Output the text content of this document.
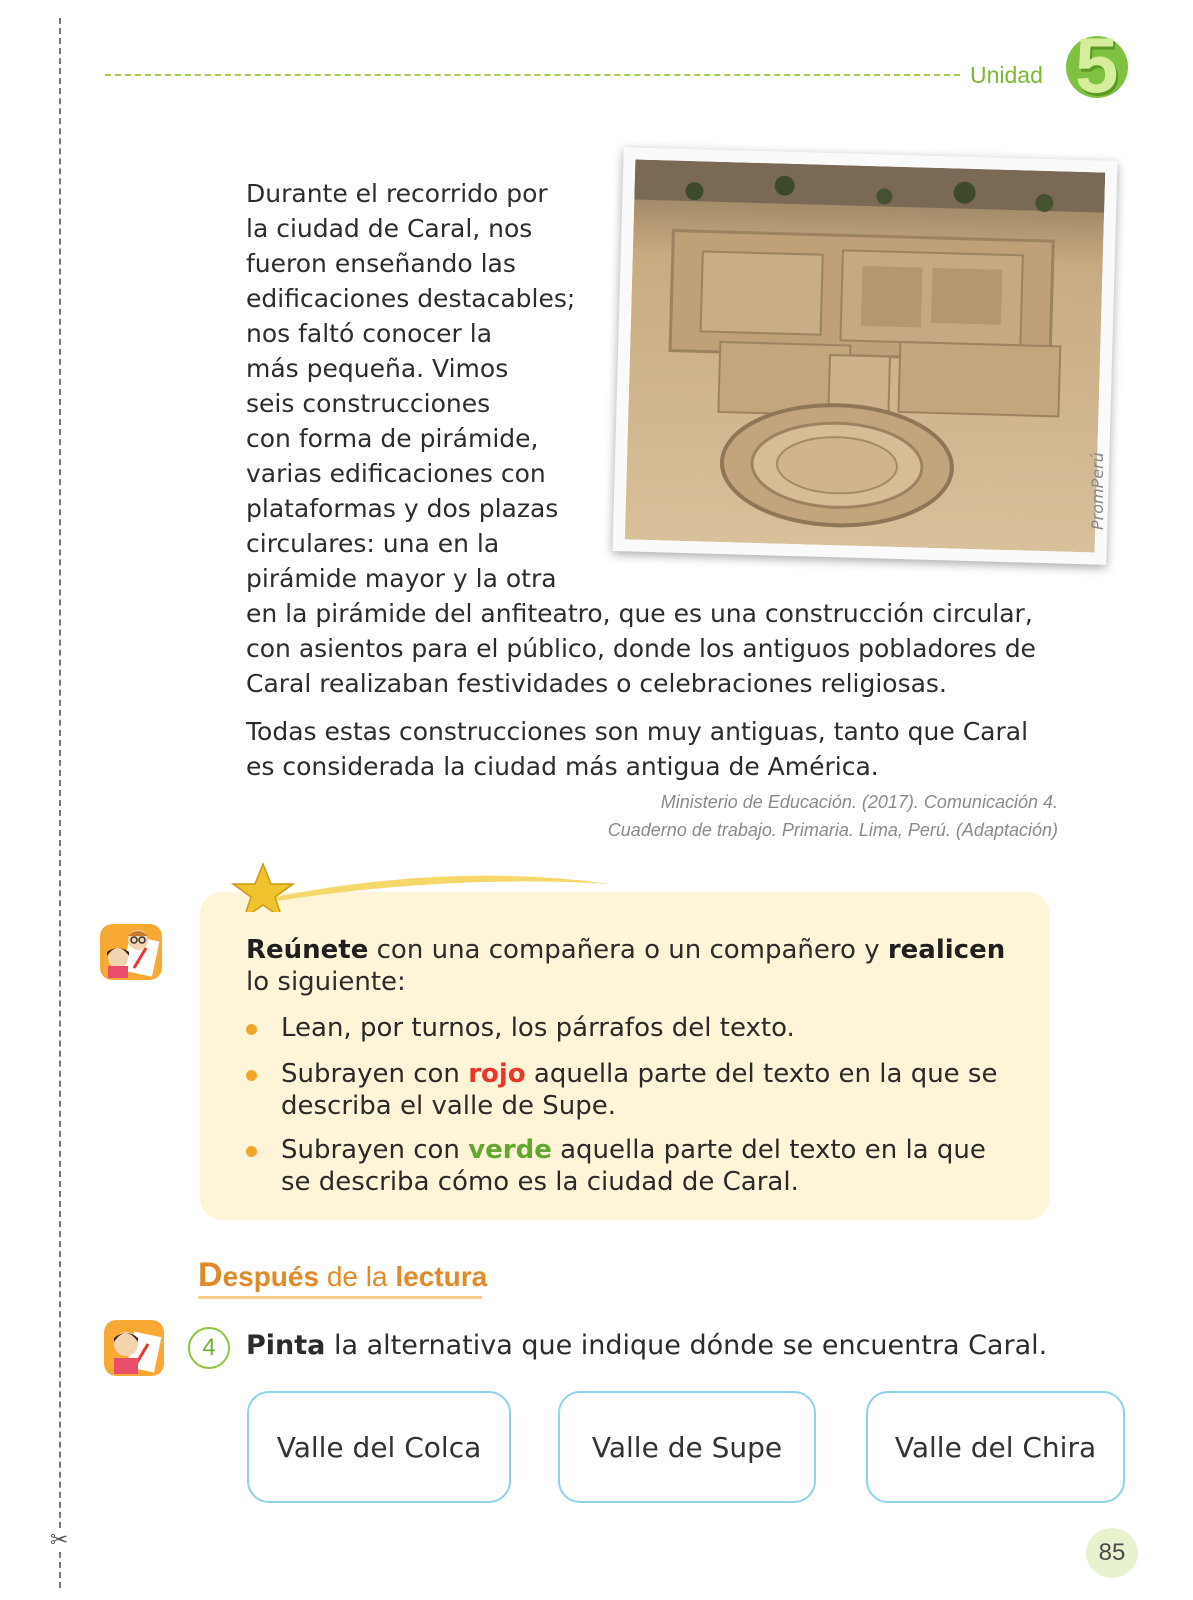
✂
Unidad 5
Durante el recorrido por
la ciudad de Caral, nos
fueron enseñando las
edificaciones destacables;
nos faltó conocer la
más pequeña. Vimos
seis construcciones
con forma de pirámide,
varias edificaciones con
plataformas y dos plazas
circulares: una en la
pirámide mayor y la otra
en la pirámide del anfiteatro, que es una construcción circular,
con asientos para el público, donde los antiguos pobladores de
Caral realizaban festividades o celebraciones religiosas.
PromPerú
Todas estas construcciones son muy antiguas, tanto que Caral
es considerada la ciudad más antigua de América.
Ministerio de Educación. (2017). Comunicación 4.
Cuaderno de trabajo. Primaria. Lima, Perú. (Adaptación)
Reúnete con una compañera o un compañero y realicen
lo siguiente:
Lean, por turnos, los párrafos del texto.
Subrayen con rojo aquella parte del texto en la que se
describa el valle de Supe.
Subrayen con verde aquella parte del texto en la que
se describa cómo es la ciudad de Caral.
Después de la lectura
4	Pinta la alternativa que indique dónde se encuentra Caral.
Valle del Colca	Valle de Supe	Valle del Chira
85
